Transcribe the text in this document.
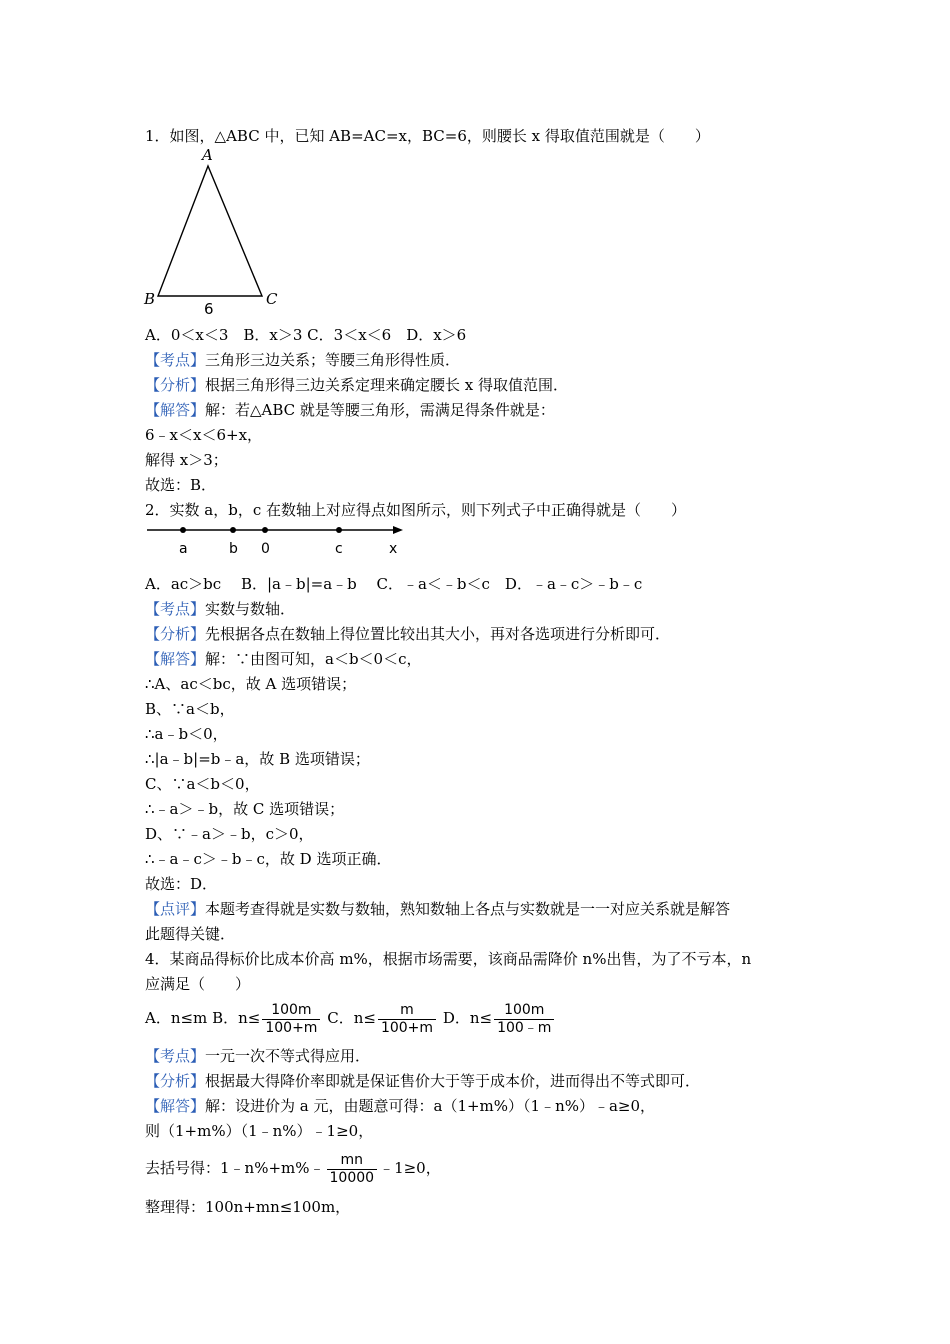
1．如图，△ABC 中，已知 AB=AC=x，BC=6，则腰长 x 得取值范围就是（　　）
A
B	C
6
A．0＜x＜3　B．x＞3 C．3＜x＜6　D．x＞6
【考点】三角形三边关系；等腰三角形得性质．
【分析】根据三角形得三边关系定理来确定腰长 x 得取值范围．
【解答】解：若△ABC 就是等腰三角形，需满足得条件就是：
6﹣x＜x＜6+x，
解得 x＞3；
故选：B．
2．实数 a，b，c 在数轴上对应得点如图所示，则下列式子中正确得就是（　　）
a	b 0	c	x
A．ac＞bc　 B．|a﹣b|=a﹣b　 C．﹣a＜﹣b＜c　D．﹣a﹣c＞﹣b﹣c
【考点】实数与数轴．
【分析】先根据各点在数轴上得位置比较出其大小，再对各选项进行分析即可．
【解答】解：∵由图可知，a＜b＜0＜c，
∴A、ac＜bc，故 A 选项错误；
B、∵a＜b，
∴a﹣b＜0，
∴|a﹣b|=b﹣a，故 B 选项错误；
C、∵a＜b＜0，
∴﹣a＞﹣b，故 C 选项错误；
D、∵﹣a＞﹣b，c＞0，
∴﹣a﹣c＞﹣b﹣c，故 D 选项正确．
故选：D．
【点评】本题考查得就是实数与数轴，熟知数轴上各点与实数就是一一对应关系就是解答
此题得关键．
4．某商品得标价比成本价高 m%，根据市场需要，该商品需降价 n%出售，为了不亏本，n
应满足（　　）
A．n≤m B．$n\le \frac{100m}{100+m}$ C．$n\le \frac{m}{100+m}$ D．$n\le \frac{100m}{100﹣m}$
【考点】一元一次不等式得应用．
【分析】根据最大得降价率即就是保证售价大于等于成本价，进而得出不等式即可．
【解答】解：设进价为 a 元，由题意可得：a（1+m%）（1﹣n%）﹣a≥0，
则（1+m%）（1﹣n%）﹣1≥0，
去括号得：1﹣n%+m%﹣ $\frac{mn}{10000}$ ﹣1≥0，
整理得：100n+mn≤100m，
